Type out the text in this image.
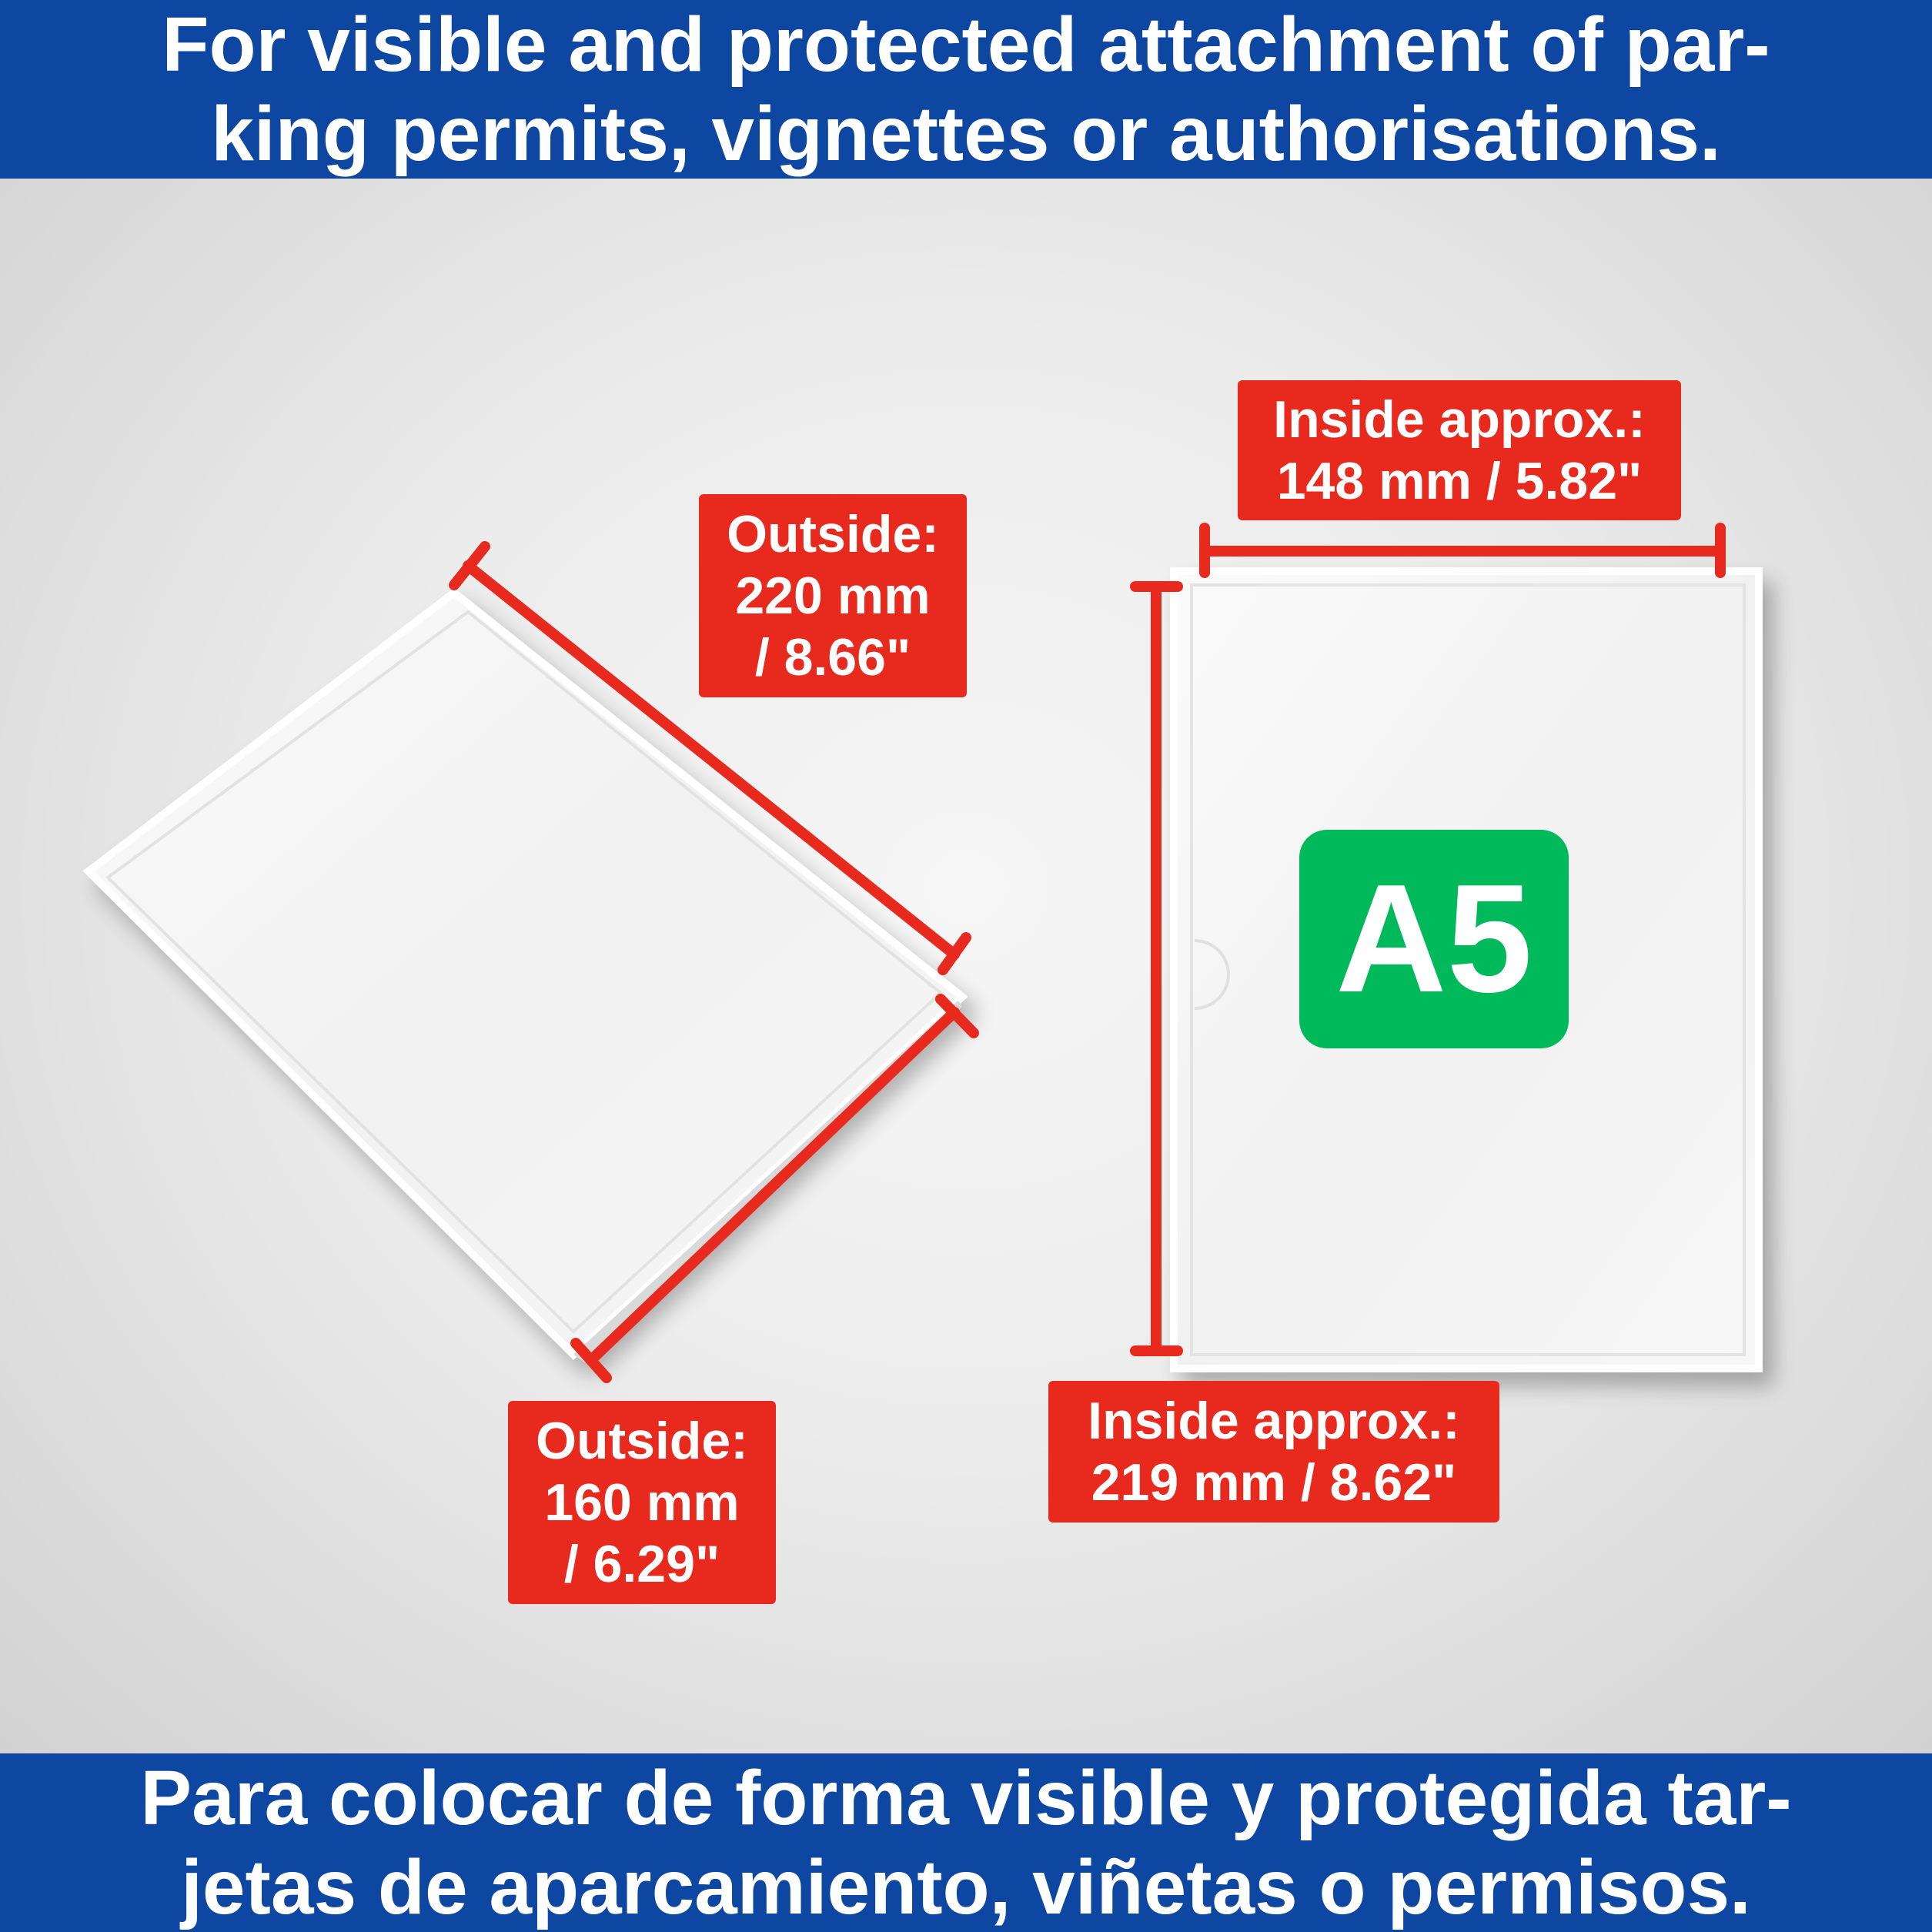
For visible and protected attachment of par-
king permits, vignettes or authorisations.
A5
Outside:
220 mm
/ 8.66"
Outside:
160 mm
/ 6.29"
Inside approx.:
148 mm / 5.82"
Inside approx.:
219 mm / 8.62"
Para colocar de forma visible y protegida tar-
jetas de aparcamiento, viñetas o permisos.
